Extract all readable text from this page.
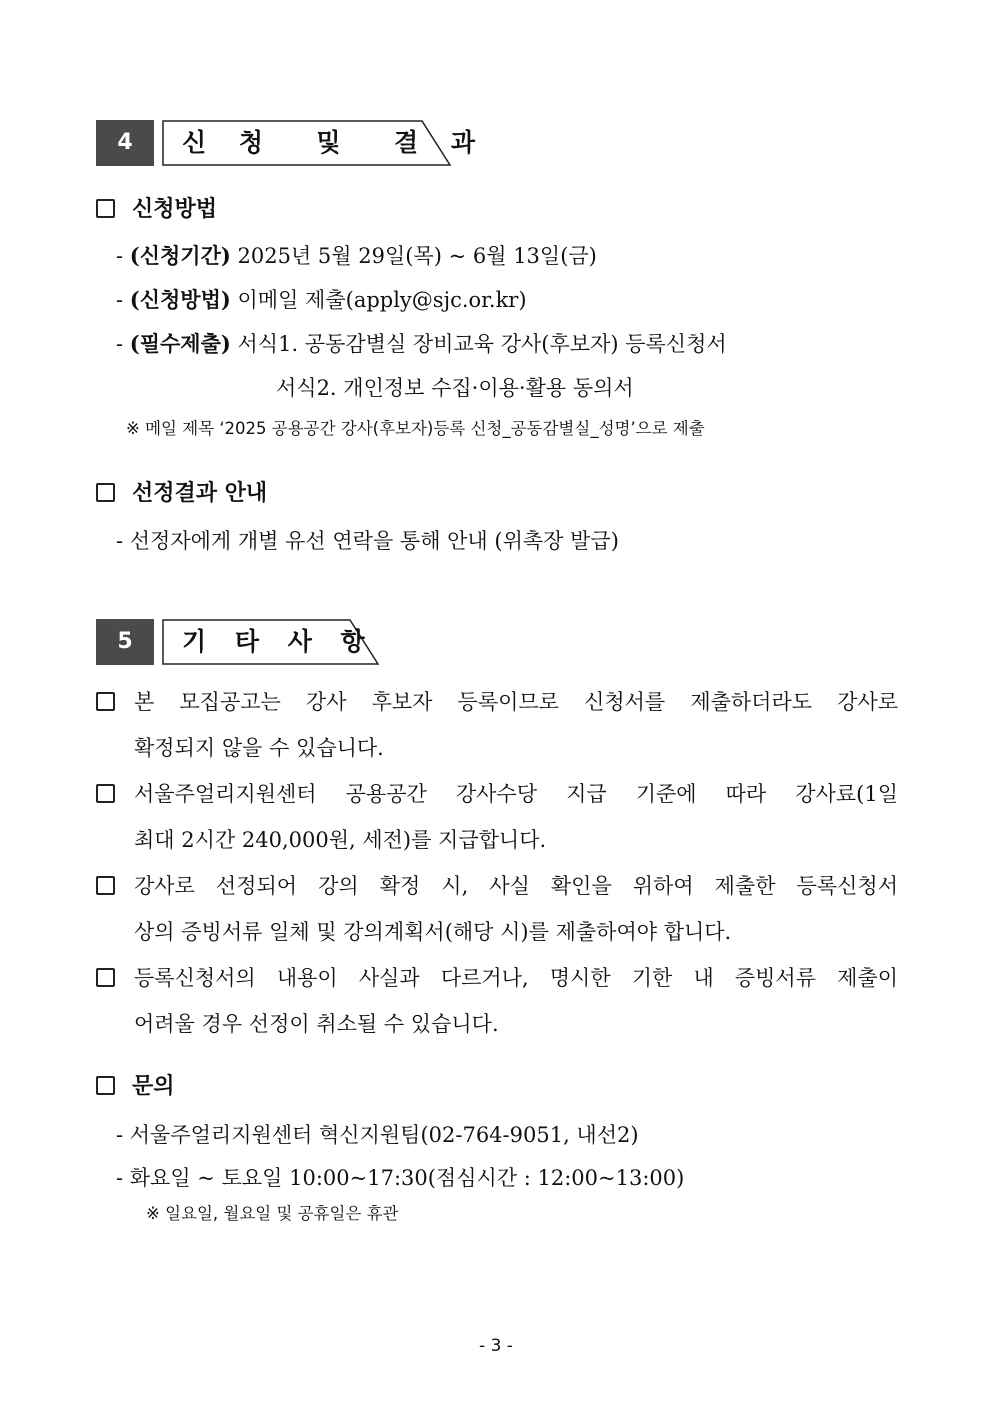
4	신 청  및  결 과
신청방법
- (신청기간) 2025년 5월 29일(목) ~ 6월 13일(금)
- (신청방법) 이메일 제출(apply@sjc.or.kr)
- (필수제출) 서식1. 공동감별실 장비교육 강사(후보자) 등록신청서
서식2. 개인정보 수집·이용·활용 동의서
※ 메일 제목 ‘2025 공용공간 강사(후보자)등록 신청_공동감별실_성명’으로 제출
선정결과 안내
- 선정자에게 개별 유선 연락을 통해 안내 (위촉장 발급)
5	기 타 사 항
본 모집공고는 강사 후보자 등록이므로 신청서를 제출하더라도 강사로
확정되지 않을 수 있습니다.
서울주얼리지원센터 공용공간 강사수당 지급 기준에 따라 강사료(1일
최대 2시간 240,000원, 세전)를 지급합니다.
강사로 선정되어 강의 확정 시, 사실 확인을 위하여 제출한 등록신청서
상의 증빙서류 일체 및 강의계획서(해당 시)를 제출하여야 합니다.
등록신청서의 내용이 사실과 다르거나, 명시한 기한 내 증빙서류 제출이
어려울 경우 선정이 취소될 수 있습니다.
문의
- 서울주얼리지원센터 혁신지원팀(02-764-9051, 내선2)
- 화요일 ~ 토요일 10:00~17:30(점심시간 : 12:00~13:00)
※ 일요일, 월요일 및 공휴일은 휴관
- 3 -
